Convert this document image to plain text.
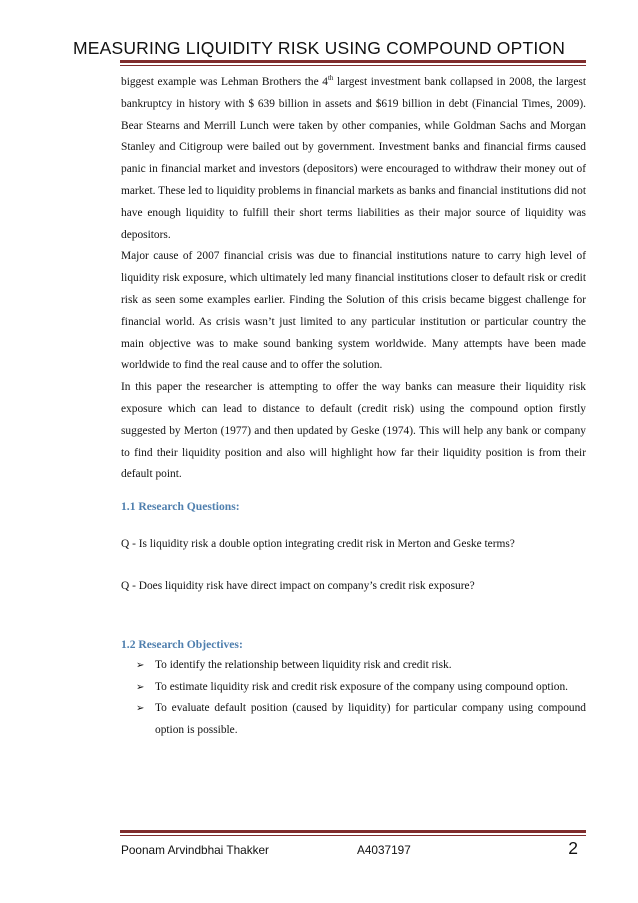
MEASURING LIQUIDITY RISK USING COMPOUND OPTION

biggest example was Lehman Brothers the 4th largest investment bank collapsed in 2008, the largest bankruptcy in history with $ 639 billion in assets and $619 billion in debt (Financial Times, 2009). Bear Stearns and Merrill Lunch were taken by other companies, while Goldman Sachs and Morgan Stanley and Citigroup were bailed out by government. Investment banks and financial firms caused panic in financial market and investors (depositors) were encouraged to withdraw their money out of market. These led to liquidity problems in financial markets as banks and financial institutions did not have enough liquidity to fulfill their short terms liabilities as their major source of liquidity was depositors.

Major cause of 2007 financial crisis was due to financial institutions nature to carry high level of liquidity risk exposure, which ultimately led many financial institutions closer to default risk or credit risk as seen some examples earlier. Finding the Solution of this crisis became biggest challenge for financial world. As crisis wasn’t just limited to any particular institution or particular country the main objective was to make sound banking system worldwide. Many attempts have been made worldwide to find the real cause and to offer the solution.

In this paper the researcher is attempting to offer the way banks can measure their liquidity risk exposure which can lead to distance to default (credit risk) using the compound option firstly suggested by Merton (1977) and then updated by Geske (1974). This will help any bank or company to find their liquidity position and also will highlight how far their liquidity position is from their default point.

1.1 Research Questions:
Q - Is liquidity risk a double option integrating credit risk in Merton and Geske terms?
Q - Does liquidity risk have direct impact on company’s credit risk exposure?
1.2 Research Objectives:
➢ To identify the relationship between liquidity risk and credit risk.
➢ To estimate liquidity risk and credit risk exposure of the company using compound option.
➢ To evaluate default position (caused by liquidity) for particular company using compound option is possible.
Poonam Arvindbhai Thakker	A4037197	2
